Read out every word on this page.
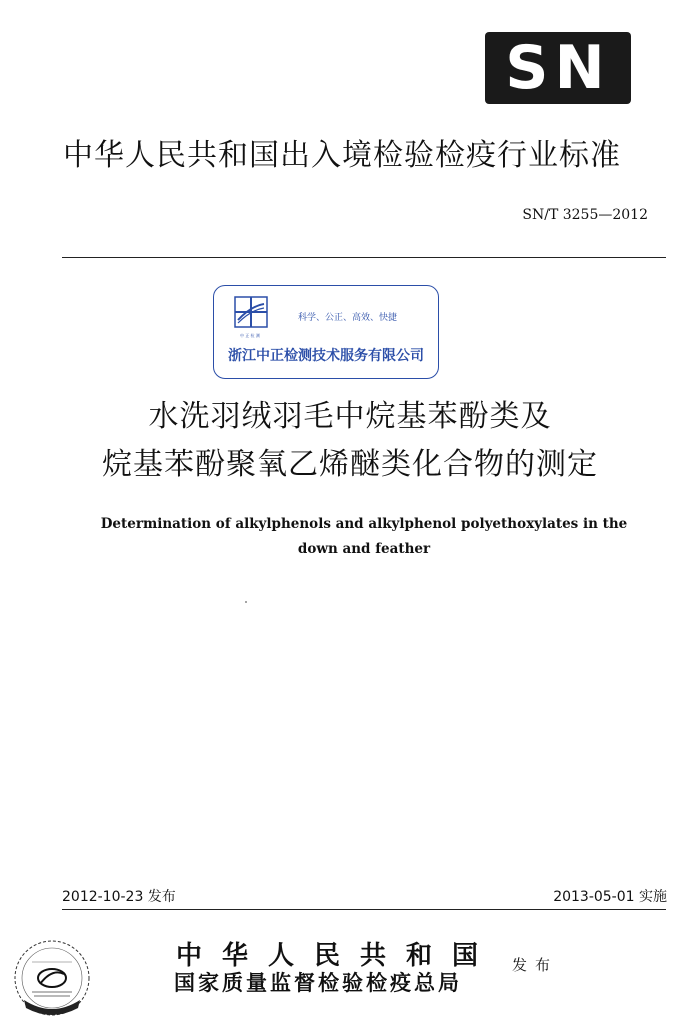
SN
中华人民共和国出入境检验检疫行业标准
SN/T 3255—2012
科学、公正、高效、快捷
中 正 检 测
浙江中正检测技术服务有限公司
水洗羽绒羽毛中烷基苯酚类及
烷基苯酚聚氧乙烯醚类化合物的测定
Determination of alkylphenols and alkylphenol polyethoxylates in the
down and feather
2012-10-23 发布	2013-05-01 实施
中华人民共和国
国家质量监督检验检疫总局
发布
